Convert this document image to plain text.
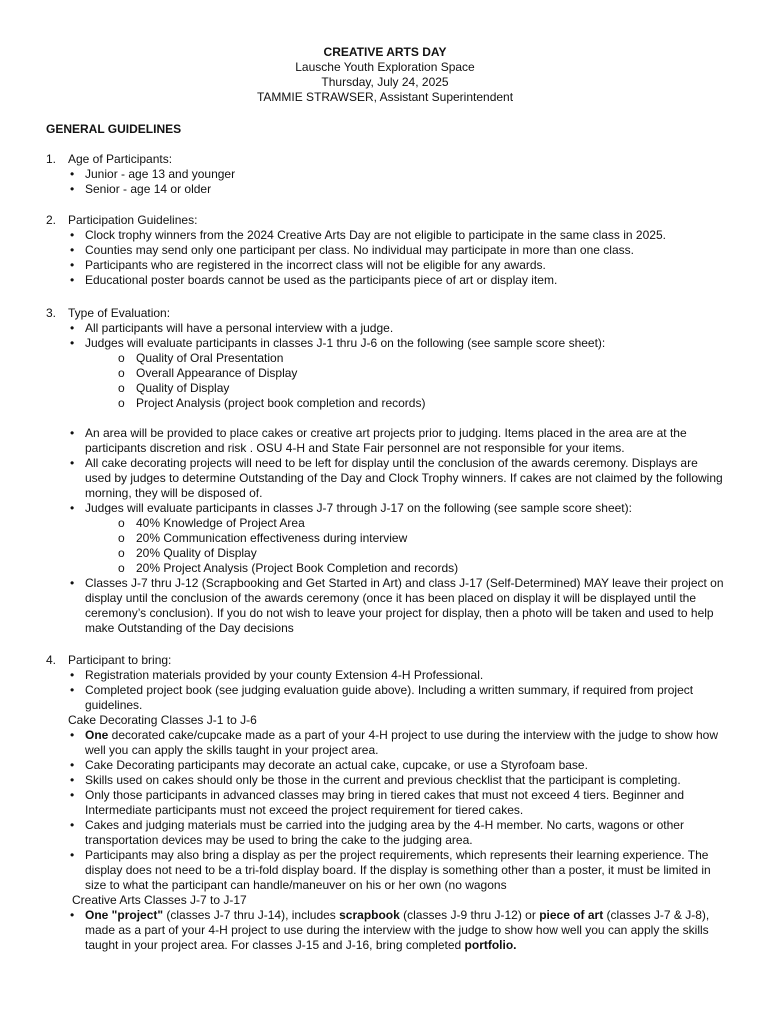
CREATIVE ARTS DAY
Lausche Youth Exploration Space
Thursday, July 24, 2025
TAMMIE STRAWSER, Assistant Superintendent
GENERAL GUIDELINES
1. Age of Participants:
• Junior - age 13 and younger
• Senior - age 14 or older
2. Participation Guidelines:
• Clock trophy winners from the 2024 Creative Arts Day are not eligible to participate in the same class in 2025.
• Counties may send only one participant per class. No individual may participate in more than one class.
• Participants who are registered in the incorrect class will not be eligible for any awards.
• Educational poster boards cannot be used as the participants piece of art or display item.
3. Type of Evaluation:
• All participants will have a personal interview with a judge.
• Judges will evaluate participants in classes J-1 thru J-6 on the following (see sample score sheet):
o Quality of Oral Presentation
o Overall Appearance of Display
o Quality of Display
o Project Analysis (project book completion and records)
• An area will be provided to place cakes or creative art projects prior to judging. Items placed in the area are at the participants discretion and risk . OSU 4-H and State Fair personnel are not responsible for your items.
• All cake decorating projects will need to be left for display until the conclusion of the awards ceremony. Displays are used by judges to determine Outstanding of the Day and Clock Trophy winners. If cakes are not claimed by the following morning, they will be disposed of.
• Judges will evaluate participants in classes J-7 through J-17 on the following (see sample score sheet):
o 40% Knowledge of Project Area
o 20% Communication effectiveness during interview
o 20% Quality of Display
o 20% Project Analysis (Project Book Completion and records)
• Classes J-7 thru J-12 (Scrapbooking and Get Started in Art) and class J-17 (Self-Determined) MAY leave their project on display until the conclusion of the awards ceremony (once it has been placed on display it will be displayed until the ceremony’s conclusion). If you do not wish to leave your project for display, then a photo will be taken and used to help make Outstanding of the Day decisions
4. Participant to bring:
• Registration materials provided by your county Extension 4-H Professional.
• Completed project book (see judging evaluation guide above). Including a written summary, if required from project guidelines.
Cake Decorating Classes J-1 to J-6
• One decorated cake/cupcake made as a part of your 4-H project to use during the interview with the judge to show how well you can apply the skills taught in your project area.
• Cake Decorating participants may decorate an actual cake, cupcake, or use a Styrofoam base.
• Skills used on cakes should only be those in the current and previous checklist that the participant is completing.
• Only those participants in advanced classes may bring in tiered cakes that must not exceed 4 tiers. Beginner and Intermediate participants must not exceed the project requirement for tiered cakes.
• Cakes and judging materials must be carried into the judging area by the 4-H member. No carts, wagons or other transportation devices may be used to bring the cake to the judging area.
• Participants may also bring a display as per the project requirements, which represents their learning experience. The display does not need to be a tri-fold display board. If the display is something other than a poster, it must be limited in size to what the participant can handle/maneuver on his or her own (no wagons
Creative Arts Classes J-7 to J-17
• One "project" (classes J-7 thru J-14), includes scrapbook (classes J-9 thru J-12) or piece of art (classes J-7 & J-8), made as a part of your 4-H project to use during the interview with the judge to show how well you can apply the skills taught in your project area. For classes J-15 and J-16, bring completed portfolio.
